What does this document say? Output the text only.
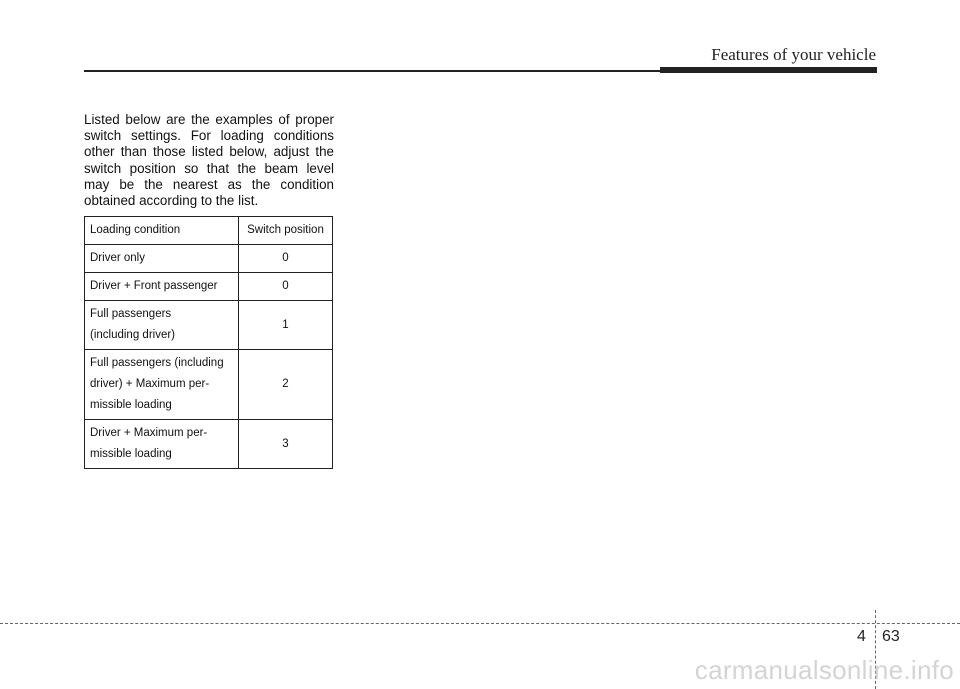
Features of your vehicle
Listed below are the examples of proper switch settings. For loading conditions other than those listed below, adjust the switch position so that the beam level may be the nearest as the condition obtained according to the list.
Loading condition	Switch position
Driver only	0
Driver + Front passenger	0
Full passengers
(including driver)	1
Full passengers (including
driver) + Maximum per-
missible loading	2
Driver + Maximum per-
missible loading	3
4 63
carmanualsonline.info
